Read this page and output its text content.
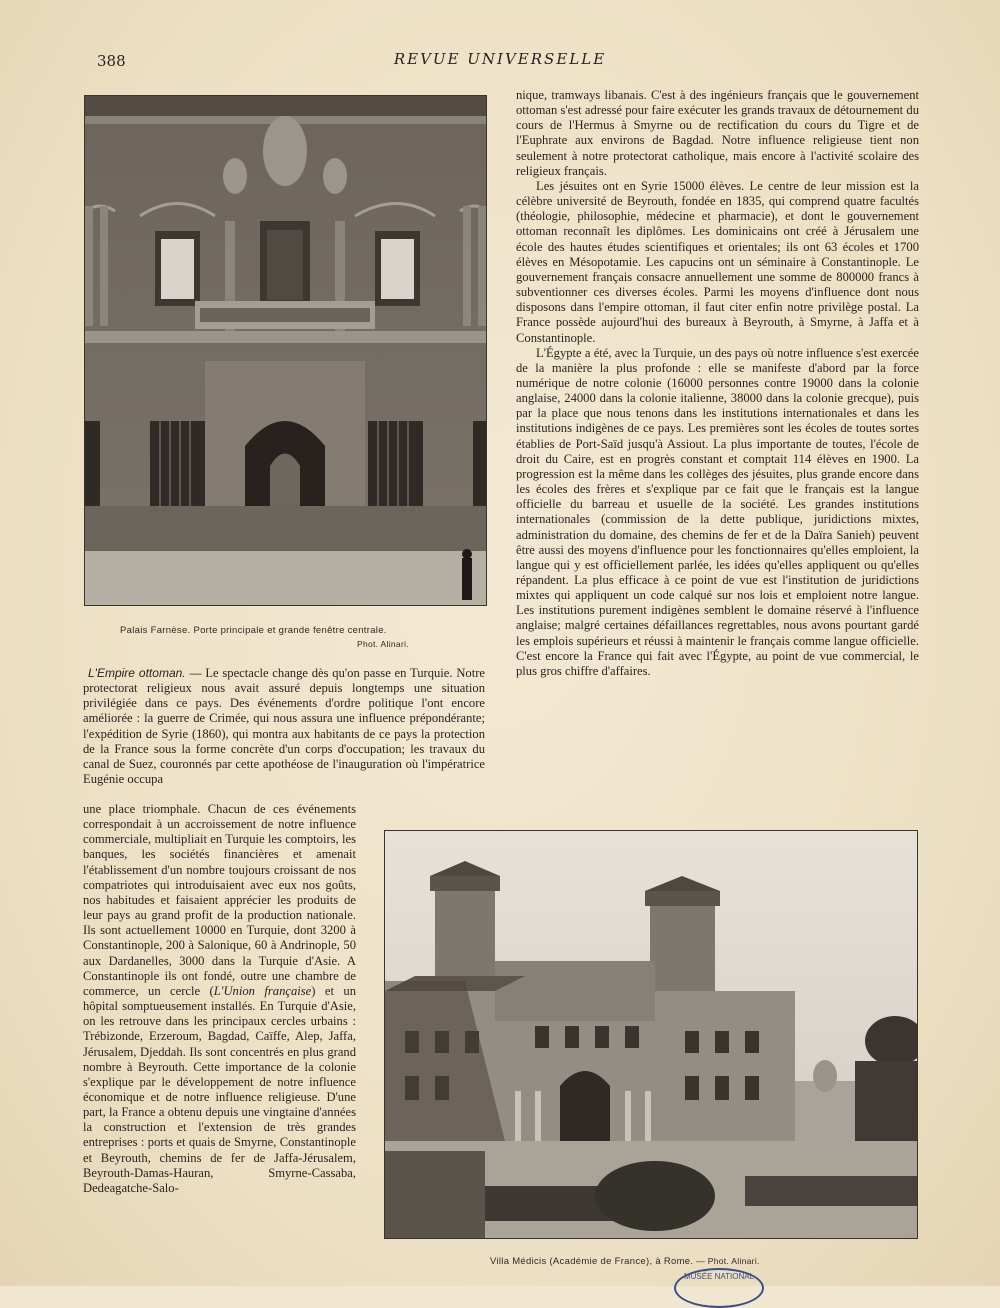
388	REVUE UNIVERSELLE
Palais Farnèse. Porte principale et grande fenêtre centrale.
Phot. Alinari.

nique, tramways libanais. C'est à des ingénieurs français que le gouvernement ottoman s'est adressé pour faire exécuter les grands travaux de détournement du cours de l'Hermus à Smyrne ou de rectification du cours du Tigre et de l'Euphrate aux environs de Bagdad. Notre influence religieuse tient non seulement à notre protectorat catholique, mais encore à l'activité scolaire des religieux français.

Les jésuites ont en Syrie 15000 élèves. Le centre de leur mission est la célèbre université de Beyrouth, fondée en 1835, qui comprend quatre facultés (théologie, philosophie, médecine et pharmacie), et dont le gouvernement ottoman reconnaît les diplômes. Les dominicains ont créé à Jérusalem une école des hautes études scientifiques et orientales; ils ont 63 écoles et 1700 élèves en Mésopotamie. Les capucins ont un séminaire à Constantinople. Le gouvernement français consacre annuellement une somme de 800000 francs à subventionner ces diverses écoles. Parmi les moyens d'influence dont nous disposons dans l'empire ottoman, il faut citer enfin notre privilège postal. La France possède aujourd'hui des bureaux à Beyrouth, à Smyrne, à Jaffa et à Constantinople.

L'Égypte a été, avec la Turquie, un des pays où notre influence s'est exercée de la manière la plus profonde : elle se manifeste d'abord par la force numérique de notre colonie (16000 personnes contre 19000 dans la colonie anglaise, 24000 dans la colonie italienne, 38000 dans la colonie grecque), puis par la place que nous tenons dans les institutions internationales et dans les institutions indigènes de ce pays. Les premières sont les écoles de toutes sortes établies de Port-Saïd jusqu'à Assiout. La plus importante de toutes, l'école de droit du Caire, est en progrès constant et comptait 114 élèves en 1900. La progression est la même dans les collèges des jésuites, plus grande encore dans les écoles des frères et s'explique par ce fait que le français est la langue officielle du barreau et usuelle de la société. Les grandes institutions internationales (commission de la dette publique, juridictions mixtes, administration du domaine, des chemins de fer et de la Daïra Sanieh) peuvent être aussi des moyens d'influence pour les fonctionnaires qu'elles emploient, la langue qui y est officiellement parlée, les idées qu'elles appliquent ou qu'elles répandent. La plus efficace à ce point de vue est l'institution de juridictions mixtes qui appliquent un code calqué sur nos lois et emploient notre langue. Les institutions purement indigènes semblent le domaine réservé à l'influence anglaise; malgré certaines défaillances regrettables, nous avons pourtant gardé les emplois supérieurs et réussi à maintenir le français comme langue officielle. C'est encore la France qui fait avec l'Égypte, au point de vue commercial, le plus gros chiffre d'affaires.

L'Empire ottoman. — Le spectacle change dès qu'on passe en Turquie. Notre protectorat religieux nous avait assuré depuis longtemps une situation privilégiée dans ce pays. Des événements d'ordre politique l'ont encore améliorée : la guerre de Crimée, qui nous assura une influence prépondérante; l'expédition de Syrie (1860), qui montra aux habitants de ce pays la protection de la France sous la forme concrète d'un corps d'occupation; les travaux du canal de Suez, couronnés par cette apothéose de l'inauguration où l'impératrice Eugénie occupa

une place triomphale. Chacun de ces événements correspondait à un accroissement de notre influence commerciale, multipliait en Turquie les comptoirs, les banques, les sociétés financières et amenait l'établissement d'un nombre toujours croissant de nos compatriotes qui introduisaient avec eux nos goûts, nos habitudes et faisaient apprécier les produits de leur pays au grand profit de la production nationale. Ils sont actuellement 10000 en Turquie, dont 3200 à Constantinople, 200 à Salonique, 60 à Andrinople, 50 aux Dardanelles, 3000 dans la Turquie d'Asie. A Constantinople ils ont fondé, outre une chambre de commerce, un cercle (L'Union française) et un hôpital somptueusement installés. En Turquie d'Asie, on les retrouve dans les principaux cercles urbains : Trébizonde, Erzeroum, Bagdad, Caïffe, Alep, Jaffa, Jérusalem, Djeddah. Ils sont concentrés en plus grand nombre à Beyrouth. Cette importance de la colonie s'explique par le développement de notre influence économique et de notre influence religieuse. D'une part, la France a obtenu depuis une vingtaine d'années la construction et l'extension de très grandes entreprises : ports et quais de Smyrne, Constantinople et Beyrouth, chemins de fer de Jaffa-Jérusalem, Beyrouth-Damas-Hauran, Smyrne-Cassaba, Dedeagatche-Salo-

Villa Médicis (Académie de France), à Rome. — Phot. Alinari.
MUSÉE NATIONAL
